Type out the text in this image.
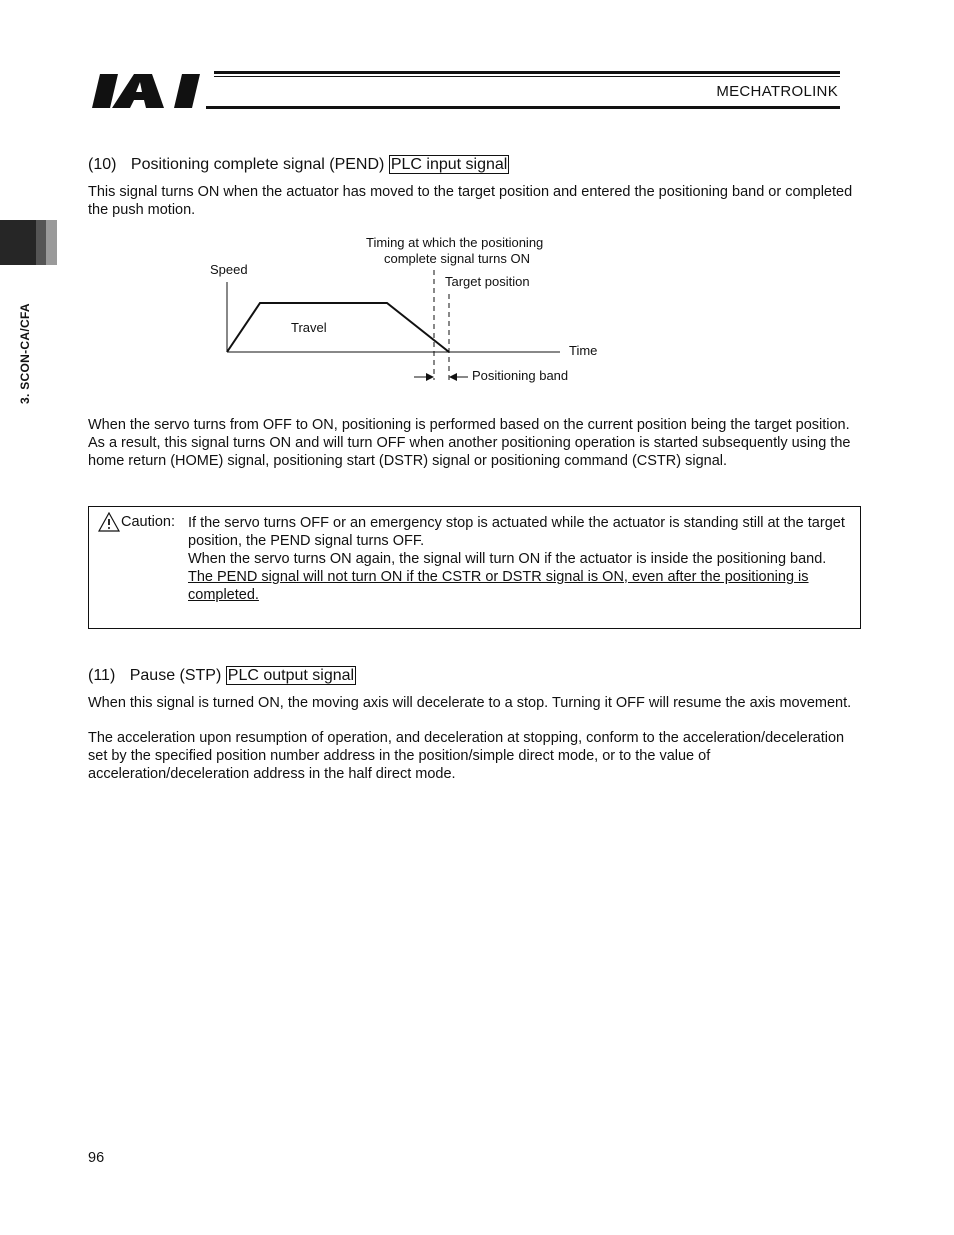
MECHATROLINK
3. SCON-CA/CFA
(10) Positioning complete signal (PEND) PLC input signal
This signal turns ON when the actuator has moved to the target position and entered the positioning band or completed the push motion.
Timing at which the positioning
complete signal turns ON
Speed
Target position
Travel
Time
Positioning band
When the servo turns from OFF to ON, positioning is performed based on the current position being the target position. As a result, this signal turns ON and will turn OFF when another positioning operation is started subsequently using the home return (HOME) signal, positioning start (DSTR) signal or positioning command (CSTR) signal.
Caution: If the servo turns OFF or an emergency stop is actuated while the actuator is standing still at the target position, the PEND signal turns OFF.
When the servo turns ON again, the signal will turn ON if the actuator is inside the positioning band.
The PEND signal will not turn ON if the CSTR or DSTR signal is ON, even after the positioning is completed.
(11) Pause (STP) PLC output signal
When this signal is turned ON, the moving axis will decelerate to a stop. Turning it OFF will resume the axis movement.
The acceleration upon resumption of operation, and deceleration at stopping, conform to the acceleration/deceleration set by the specified position number address in the position/simple direct mode, or to the value of acceleration/deceleration address in the half direct mode.
96
